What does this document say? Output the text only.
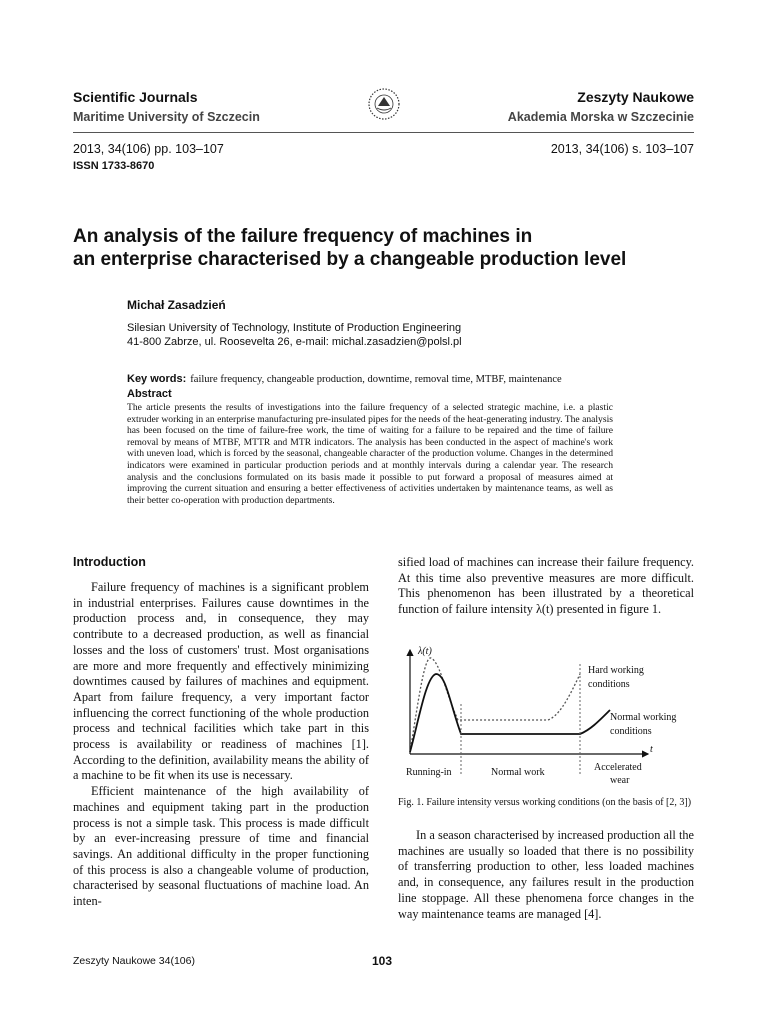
Scientific Journals
Maritime University of Szczecin
Zeszyty Naukowe
Akademia Morska w Szczecinie
2013, 34(106) pp. 103–107	2013, 34(106) s. 103–107
ISSN 1733-8670
An analysis of the failure frequency of machines in
an enterprise characterised by a changeable production level
Michał Zasadzień
Silesian University of Technology, Institute of Production Engineering
41-800 Zabrze, ul. Roosevelta 26, e-mail: michal.zasadzien@polsl.pl
Key words: failure frequency, changeable production, downtime, removal time, MTBF, maintenance
Abstract
The article presents the results of investigations into the failure frequency of a selected strategic machine, i.e. a plastic extruder working in an enterprise manufacturing pre-insulated pipes for the needs of the heat-generating industry. The analysis has been focused on the time of failure-free work, the time of waiting for a failure to be repaired and the time of failure removal by means of MTBF, MTTR and MTR indicators. The analysis has been conducted in the aspect of machine's work with uneven load, which is forced by the seasonal, changeable character of the production volume. Changes in the determined indicators were examined in particular production periods and at monthly intervals during a calendar year. The research analysis and the conclusions formulated on its basis made it possible to put forward a proposal of measures aimed at improving the current situation and ensuring a better effectiveness of activities undertaken by maintenance teams, as well as their better co-operation with production departments.
Introduction

Failure frequency of machines is a significant problem in industrial enterprises. Failures cause downtimes in the production process and, in consequence, they may contribute to a decreased production, as well as financial losses and the loss of customers' trust. Most organisations are more and more frequently and effectively minimizing downtimes caused by failures of machines and equipment. Apart from failure frequency, a very important factor influencing the correct functioning of the whole production process and technical facilities which take part in this process is availability or readiness of machines [1]. According to the definition, availability means the ability of a machine to be fit when its use is necessary.

Efficient maintenance of the high availability of machines and equipment taking part in the production process is not a simple task. This process is made difficult by an ever-increasing pressure of time and financial savings. An additional difficulty in the proper functioning of this process is also a changeable volume of production, characterised by seasonal fluctuations of machine load. An inten-

sified load of machines can increase their failure frequency. At this time also preventive measures are more difficult. This phenomenon has been illustrated by a theoretical function of failure intensity λ(t) presented in figure 1.

λ(t)
t
Hard working
conditions
Normal working
conditions
Running-in	Normal work	Accelerated
wear
Fig. 1. Failure intensity versus working conditions (on the basis of [2, 3])

In a season characterised by increased production all the machines are usually so loaded that there is no possibility of transferring production to other, less loaded machines and, in consequence, any failures result in the production line stoppage. All these phenomena force changes in the way maintenance teams are managed [4].

Zeszyty Naukowe 34(106)	103
